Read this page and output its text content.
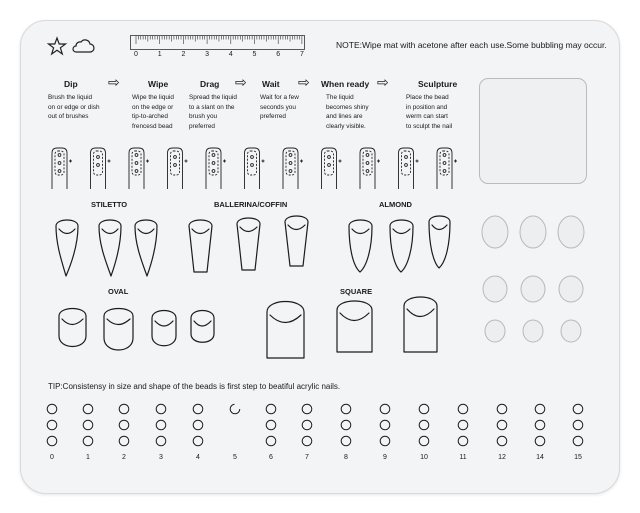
0	1	2	3	4	5	6	7
NOTE:Wipe mat with acetone after each use.Some bubbling may occur.
Dip
Brush the liquid
on or edge or dish
out of brushes
⇨	Wipe
Wipe the liquid
on the edge or
tip-to-arched
frencesd bead
Drag
Spread the liquid
to a slant on the
brush you
preferred
⇨ Wait
Wait for a few
seconds you
preferred
⇨ When ready
The liquid
becomes shiny
and lines are
clearly visible.
⇨	Sculpture
Place the bead
in position and
werm can start
to sculpt the nail
STILETTO	BALLERINA/COFFIN	ALMOND
OVAL	SQUARE
TIP:Consistensy in size and shape of the beads is first step to beatiful acrylic nails.
0	1	2	3	4	5	6	7	8	9	10	11	12	14	15
